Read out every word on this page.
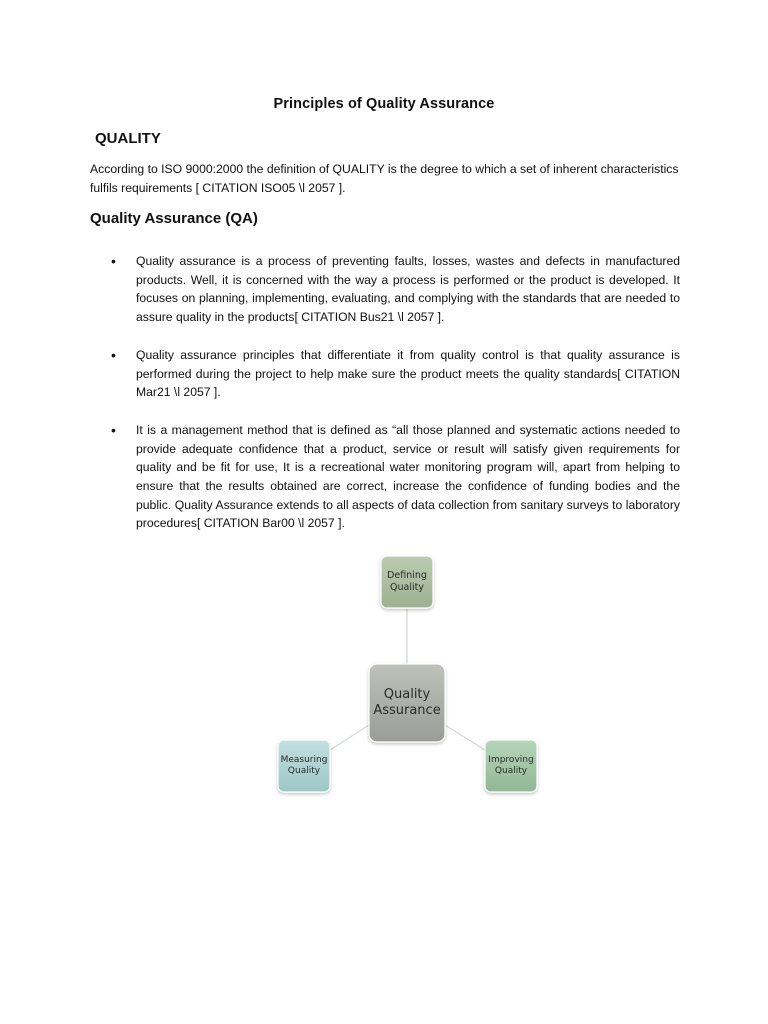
Principles of Quality Assurance
QUALITY
According to ISO 9000:2000 the definition of QUALITY is the degree to which a set of inherent characteristics fulfils requirements [ CITATION ISO05 \l 2057 ].
Quality Assurance (QA)
• Quality assurance is a process of preventing faults, losses, wastes and defects in manufactured products. Well, it is concerned with the way a process is performed or the product is developed. It focuses on planning, implementing, evaluating, and complying with the standards that are needed to assure quality in the products[ CITATION Bus21 \l 2057 ].
• Quality assurance principles that differentiate it from quality control is that quality assurance is performed during the project to help make sure the product meets the quality standards[ CITATION Mar21 \l 2057 ].
• It is a management method that is defined as “all those planned and systematic actions needed to provide adequate confidence that a product, service or result will satisfy given requirements for quality and be fit for use, It is a recreational water monitoring program will, apart from helping to ensure that the results obtained are correct, increase the confidence of funding bodies and the public. Quality Assurance extends to all aspects of data collection from sanitary surveys to laboratory procedures[ CITATION Bar00 \l 2057 ].
Defining Quality
Quality Assurance
Measuring Quality
Improving Quality
